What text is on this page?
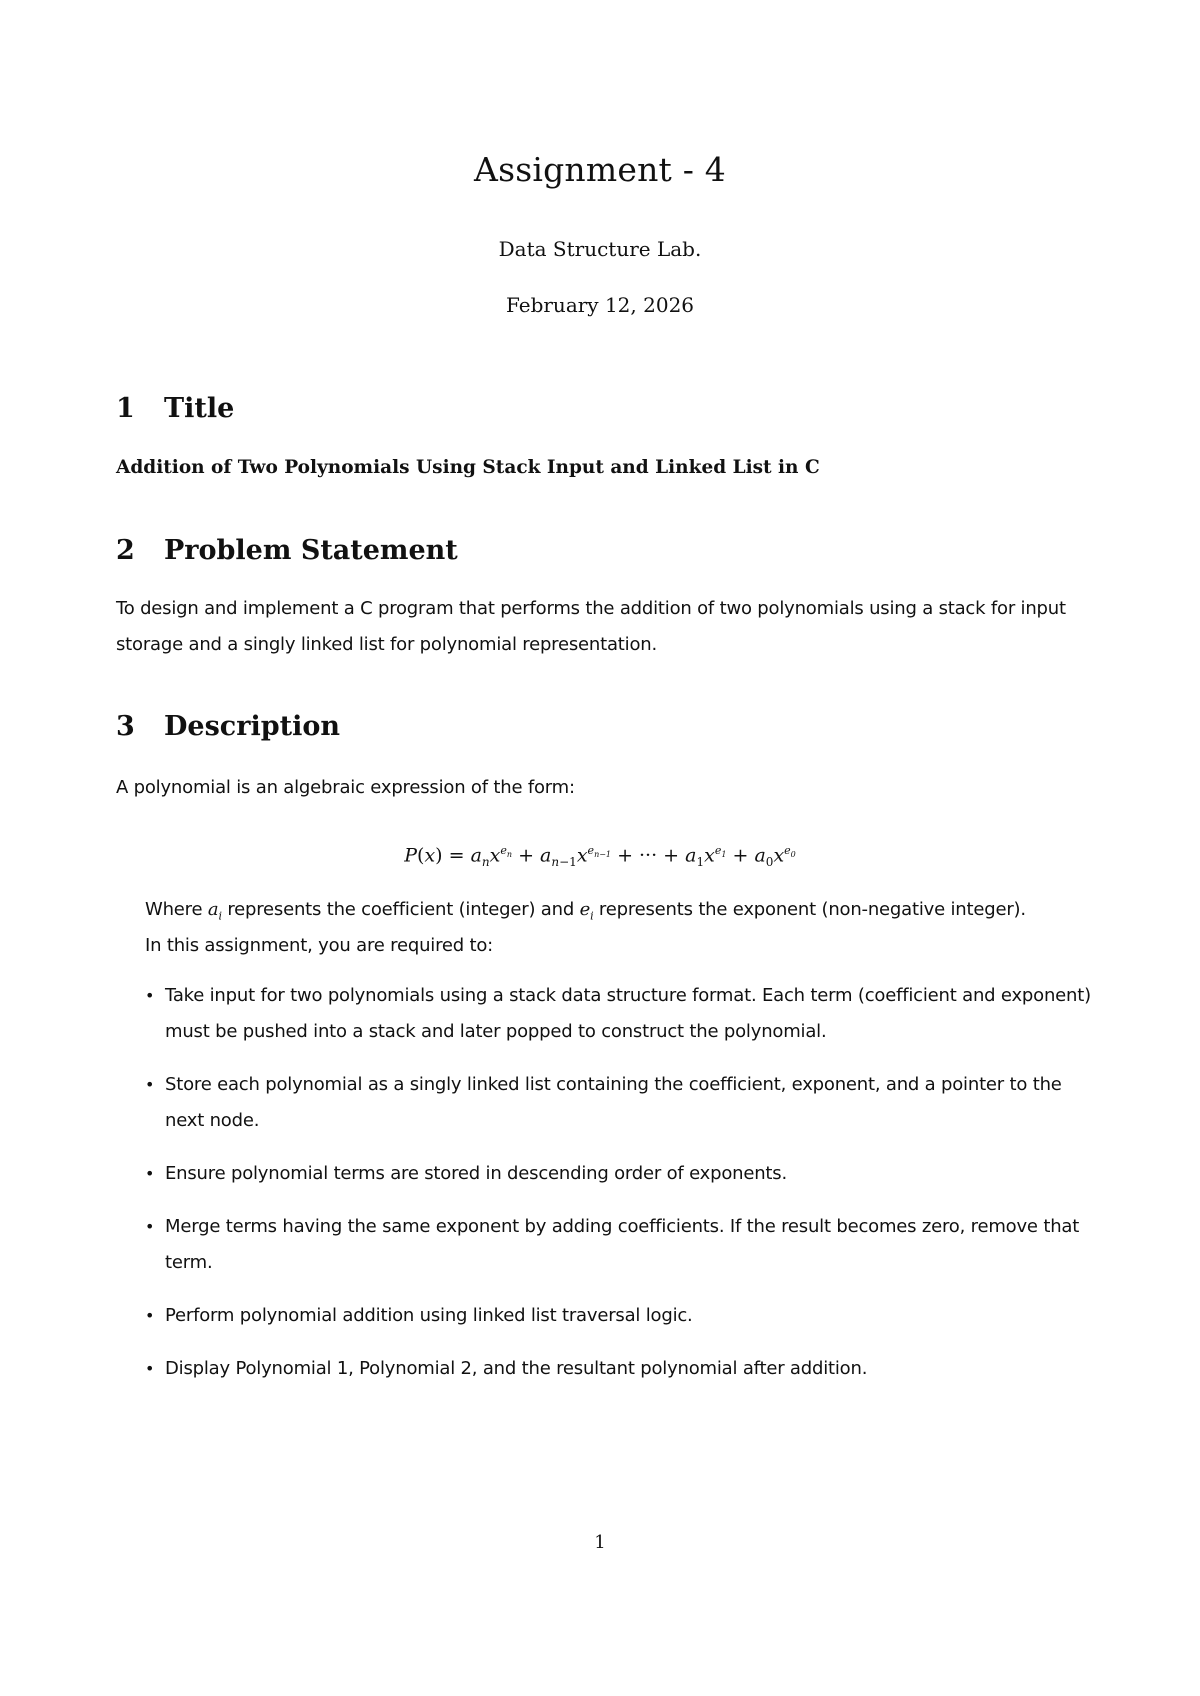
Assignment - 4
Data Structure Lab.
February 12, 2026
1 Title
Addition of Two Polynomials Using Stack Input and Linked List in C
2 Problem Statement
To design and implement a C program that performs the addition of two polynomials using a stack for input storage and a singly linked list for polynomial representation.
3 Description
A polynomial is an algebraic expression of the form:
$P(x) = a_nx^{e_n} + a_{n-1}x^{e_{n-1}}$ + ··· + $a_1x^{e_1} + a_0x^{e_0}$
Where $a_i$ represents the coefficient (integer) and $e_i$ represents the exponent (non-negative integer).
In this assignment, you are required to:
• Take input for two polynomials using a stack data structure format. Each term (coefficient and exponent) must be pushed into a stack and later popped to construct the polynomial.
• Store each polynomial as a singly linked list containing the coefficient, exponent, and a pointer to the next node.
• Ensure polynomial terms are stored in descending order of exponents.
• Merge terms having the same exponent by adding coefficients. If the result becomes zero, remove that term.
• Perform polynomial addition using linked list traversal logic.
• Display Polynomial 1, Polynomial 2, and the resultant polynomial after addition.
1
